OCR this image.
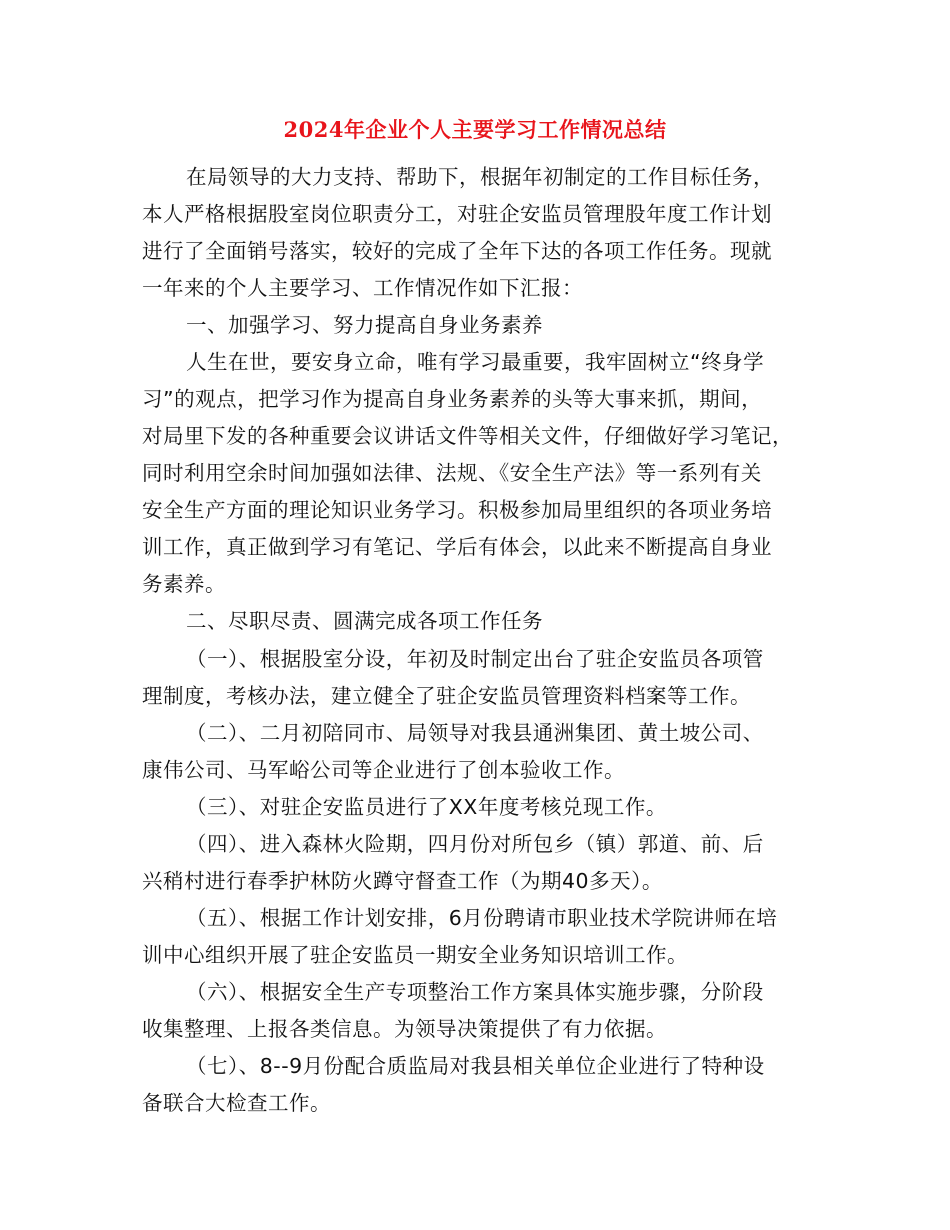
2024年企业个人主要学习工作情况总结
在局领导的大力支持、帮助下，根据年初制定的工作目标任务，
本人严格根据股室岗位职责分工，对驻企安监员管理股年度工作计划
进行了全面销号落实，较好的完成了全年下达的各项工作任务。现就
一年来的个人主要学习、工作情况作如下汇报：
一、加强学习、努力提高自身业务素养
人生在世，要安身立命，唯有学习最重要，我牢固树立“终身学
习”的观点，把学习作为提高自身业务素养的头等大事来抓，期间，
对局里下发的各种重要会议讲话文件等相关文件，仔细做好学习笔记，
同时利用空余时间加强如法律、法规、《安全生产法》等一系列有关
安全生产方面的理论知识业务学习。积极参加局里组织的各项业务培
训工作，真正做到学习有笔记、学后有体会，以此来不断提高自身业
务素养。
二、尽职尽责、圆满完成各项工作任务
（一）、根据股室分设，年初及时制定出台了驻企安监员各项管
理制度，考核办法，建立健全了驻企安监员管理资料档案等工作。
（二）、二月初陪同市、局领导对我县通洲集团、黄土坡公司、
康伟公司、马军峪公司等企业进行了创本验收工作。
（三）、对驻企安监员进行了XX年度考核兑现工作。
（四）、进入森林火险期，四月份对所包乡（镇）郭道、前、后
兴稍村进行春季护林防火蹲守督查工作（为期40多天）。
（五）、根据工作计划安排，6月份聘请市职业技术学院讲师在培
训中心组织开展了驻企安监员一期安全业务知识培训工作。
（六）、根据安全生产专项整治工作方案具体实施步骤，分阶段
收集整理、上报各类信息。为领导决策提供了有力依据。
（七）、8--9月份配合质监局对我县相关单位企业进行了特种设
备联合大检查工作。
